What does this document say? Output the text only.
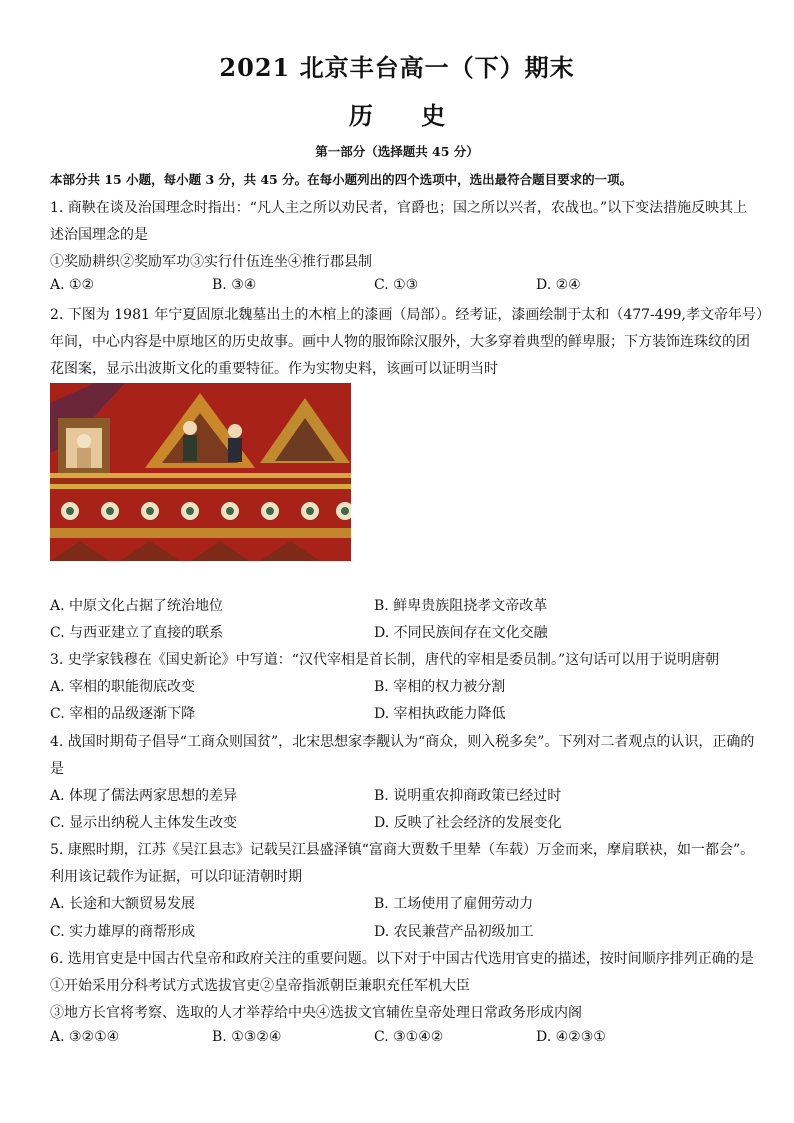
2021 北京丰台高一（下）期末
历 史
第一部分（选择题共 45 分）
本部分共 15 小题，每小题 3 分，共 45 分。在每小题列出的四个选项中，选出最符合题目要求的一项。
1. 商鞅在谈及治国理念时指出：“凡人主之所以劝民者，官爵也；国之所以兴者，农战也。”以下变法措施反映其上
述治国理念的是
①奖励耕织②奖励军功③实行什伍连坐④推行郡县制
A. ①②	B. ③④	C. ①③	D. ②④
2. 下图为 1981 年宁夏固原北魏墓出土的木棺上的漆画（局部）。经考证，漆画绘制于太和（477-499,孝文帝年号）
年间，中心内容是中原地区的历史故事。画中人物的服饰除汉服外，大多穿着典型的鲜卑服；下方装饰连珠纹的团
花图案，显示出波斯文化的重要特征。作为实物史料，该画可以证明当时
A. 中原文化占据了统治地位	B. 鲜卑贵族阻挠孝文帝改革
C. 与西亚建立了直接的联系	D. 不同民族间存在文化交融
3. 史学家钱穆在《国史新论》中写道：“汉代宰相是首长制，唐代的宰相是委员制。”这句话可以用于说明唐朝
A. 宰相的职能彻底改变	B. 宰相的权力被分割
C. 宰相的品级逐渐下降	D. 宰相执政能力降低
4. 战国时期荀子倡导“工商众则国贫”，北宋思想家李觏认为“商众，则入税多矣”。下列对二者观点的认识，正确的
是
A. 体现了儒法两家思想的差异	B. 说明重农抑商政策已经过时
C. 显示出纳税人主体发生改变	D. 反映了社会经济的发展变化
5. 康熙时期，江苏《吴江县志》记载吴江县盛泽镇“富商大贾数千里辇（车载）万金而来，摩肩联袂，如一都会”。
利用该记载作为证据，可以印证清朝时期
A. 长途和大额贸易发展	B. 工场使用了雇佣劳动力
C. 实力雄厚的商帮形成	D. 农民兼营产品初级加工
6. 选用官吏是中国古代皇帝和政府关注的重要问题。以下对于中国古代选用官吏的描述，按时间顺序排列正确的是
①开始采用分科考试方式选拔官吏②皇帝指派朝臣兼职充任军机大臣
③地方长官将考察、选取的人才举荐给中央④选拔文官辅佐皇帝处理日常政务形成内阁
A. ③②①④	B. ①③②④	C. ③①④②	D. ④②③①
